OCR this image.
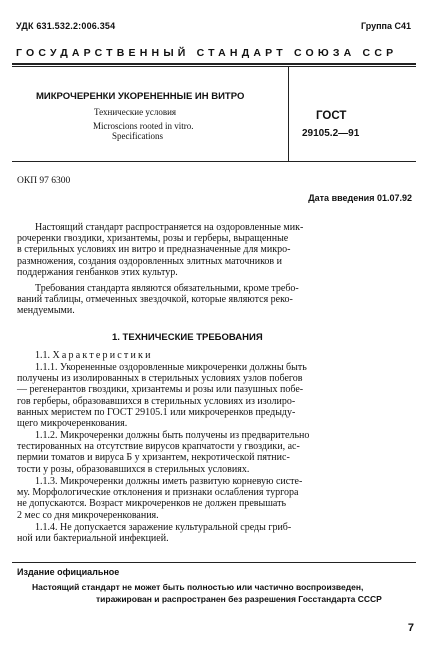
УДК 631.532.2:006.354	Группа С41
ГОСУДАРСТВЕННЫЙ СТАНДАРТ СОЮЗА ССР
МИКРОЧЕРЕНКИ УКОРЕНЕННЫЕ ИН ВИТРО
Технические условия
Microscions rooted in vitro.
Specifications
ГОСТ
29105.2—91
ОКП 97 6300
Дата введения 01.07.92
Настоящий стандарт распространяется на оздоровленные мик-
рочеренки гвоздики, хризантемы, розы и герберы, выращенные
в стерильных условиях ин витро и предназначенные для микро-
размножения, создания оздоровленных элитных маточников и
поддержания генбанков этих культур.
Требования стандарта являются обязательными, кроме требо-
ваний таблицы, отмеченных звездочкой, которые являются реко-
мендуемыми.
1. ТЕХНИЧЕСКИЕ ТРЕБОВАНИЯ
1.1. Характеристики
1.1.1. Укорененные оздоровленные микрочеренки должны быть
получены из изолированных в стерильных условиях узлов побегов
— регенерантов гвоздики, хризантемы и розы или пазушных побе-
гов герберы, образовавшихся в стерильных условиях из изолиро-
ванных меристем по ГОСТ 29105.1 или микрочеренков предыду-
щего микрочеренкования.
1.1.2. Микрочеренки должны быть получены из предварительно
тестированных на отсутствие вирусов крапчатости у гвоздики, ас-
пермии томатов и вируса Б у хризантем, некротической пятнис-
тости у розы, образовавшихся в стерильных условиях.
1.1.3. Микрочеренки должны иметь развитую корневую систе-
му. Морфологические отклонения и признаки ослабления тургора
не допускаются. Возраст микрочеренков не должен превышать
2 мес со дня микрочеренкования.
1.1.4. Не допускается заражение культуральной среды гриб-
ной или бактериальной инфекцией.
Издание официальное
Настоящий стандарт не может быть полностью или частично воспроизведен,
тиражирован и распространен без разрешения Госстандарта СССР
7
